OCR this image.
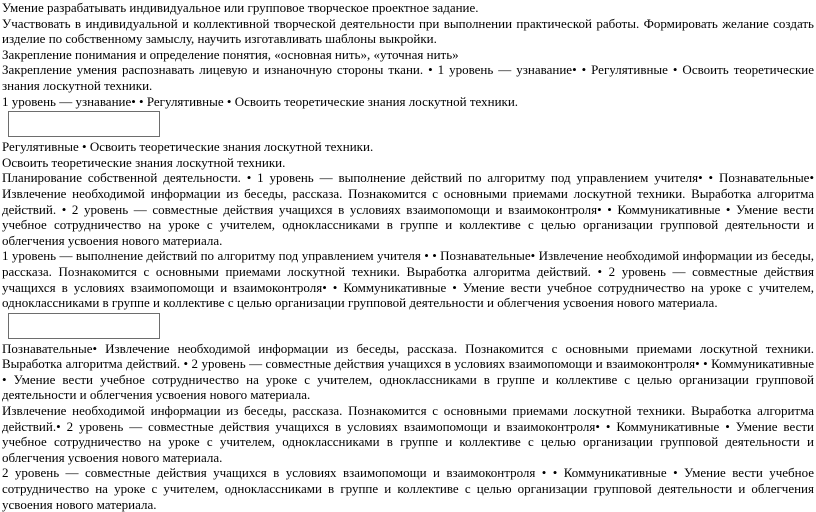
Умение разрабатывать индивидуальное или групповое творческое проектное задание.

Участвовать в индивидуальной и коллективной творческой деятельности при выполнении практической работы. Формировать желание создать изделие по собственному замыслу, научить изготавливать шаблоны выкройки.

Закрепление понимания и определение понятия, «основная нить», «уточная нить»

Закрепление умения распознавать лицевую и изнаночную стороны ткани. • 1 уровень — узнавание• • Регулятивные • Освоить теоретические знания лоскутной техники.

1 уровень — узнавание• • Регулятивные • Освоить теоретические знания лоскутной техники.

Регулятивные • Освоить теоретические знания лоскутной техники.

Освоить теоретические знания лоскутной техники.

Планирование собственной деятельности. • 1 уровень — выполнение действий по алгоритму под управлением учителя• • Познавательные• Извлечение необходимой информации из беседы, рассказа. Познакомится с основными приемами лоскутной техники. Выработка алгоритма действий. • 2 уровень — совместные действия учащихся в условиях взаимопомощи и взаимоконтроля• • Коммуникативные • Умение вести учебное сотрудничество на уроке с учителем, одноклассниками в группе и коллективе с целью организации групповой деятельности и облегчения усвоения нового материала.

1 уровень — выполнение действий по алгоритму под управлением учителя • • Познавательные• Извлечение необходимой информации из беседы, рассказа. Познакомится с основными приемами лоскутной техники. Выработка алгоритма действий. • 2 уровень — совместные действия учащихся в условиях взаимопомощи и взаимоконтроля• • Коммуникативные • Умение вести учебное сотрудничество на уроке с учителем, одноклассниками в группе и коллективе с целью организации групповой деятельности и облегчения усвоения нового материала.

Познавательные• Извлечение необходимой информации из беседы, рассказа. Познакомится с основными приемами лоскутной техники. Выработка алгоритма действий. • 2 уровень — совместные действия учащихся в условиях взаимопомощи и взаимоконтроля• • Коммуникативные • Умение вести учебное сотрудничество на уроке с учителем, одноклассниками в группе и коллективе с целью организации групповой деятельности и облегчения усвоения нового материала.

Извлечение необходимой информации из беседы, рассказа. Познакомится с основными приемами лоскутной техники. Выработка алгоритма действий.• 2 уровень — совместные действия учащихся в условиях взаимопомощи и взаимоконтроля• • Коммуникативные • Умение вести учебное сотрудничество на уроке с учителем, одноклассниками в группе и коллективе с целью организации групповой деятельности и облегчения усвоения нового материала.

2 уровень — совместные действия учащихся в условиях взаимопомощи и взаимоконтроля • • Коммуникативные • Умение вести учебное сотрудничество на уроке с учителем, одноклассниками в группе и коллективе с целью организации групповой деятельности и облегчения усвоения нового материала.
